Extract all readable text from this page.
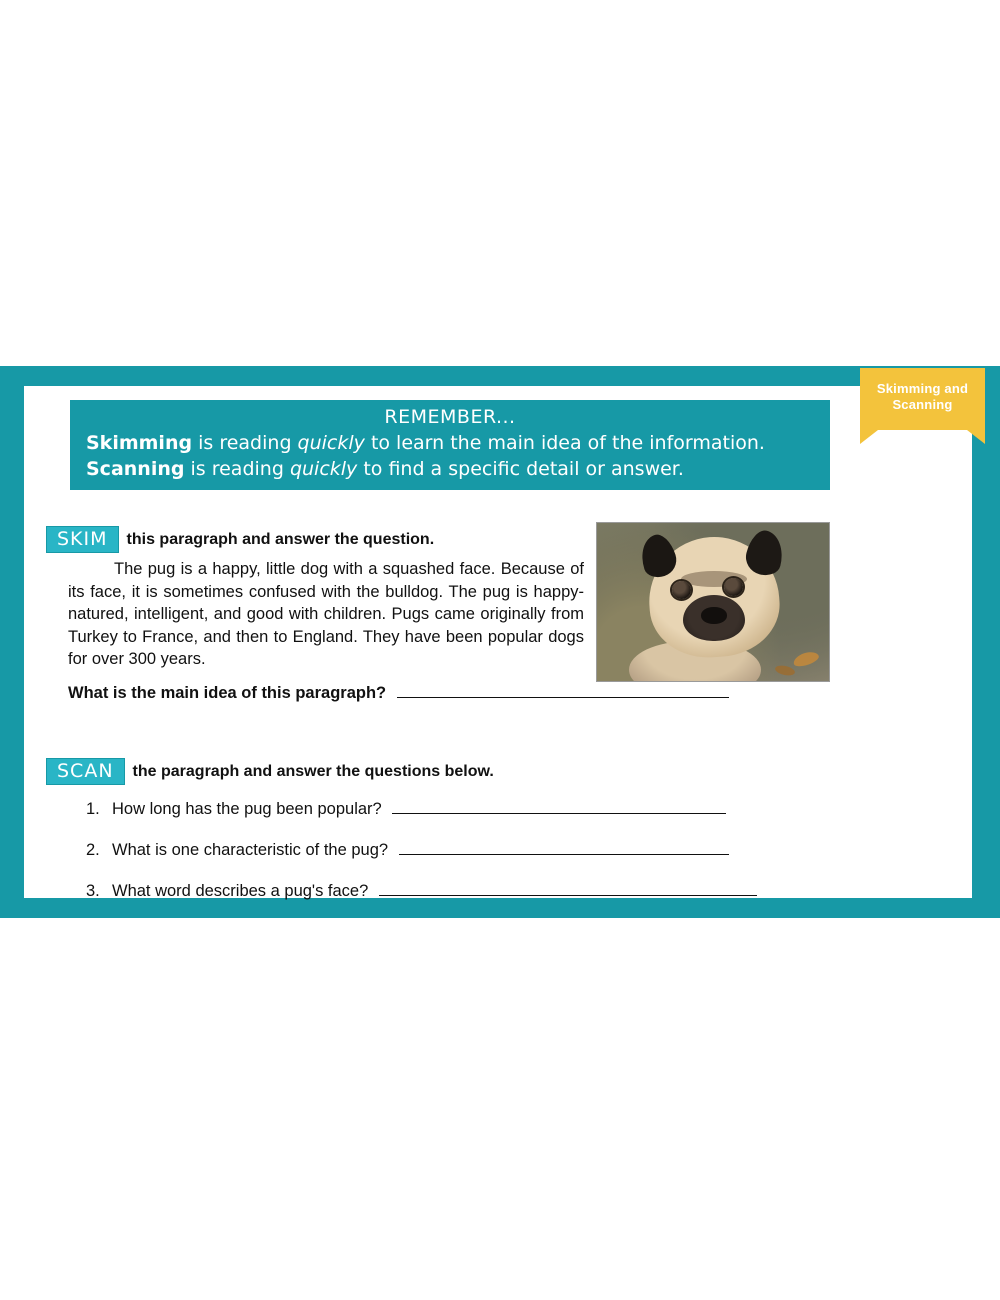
REMEMBER...
Skimming is reading quickly to learn the main idea of the information.
Scanning is reading quickly to find a specific detail or answer.
SKIM this paragraph and answer the question.
The pug is a happy, little dog with a squashed face. Because of its face, it is sometimes confused with the bulldog. The pug is happy-natured, intelligent, and good with children. Pugs came originally from Turkey to France, and then to England. They have been popular dogs for over 300 years.
What is the main idea of this paragraph?
SCAN the paragraph and answer the questions below.
1. How long has the pug been popular?
2. What is one characteristic of the pug?
3. What word describes a pug's face?
Skimming and Scanning
